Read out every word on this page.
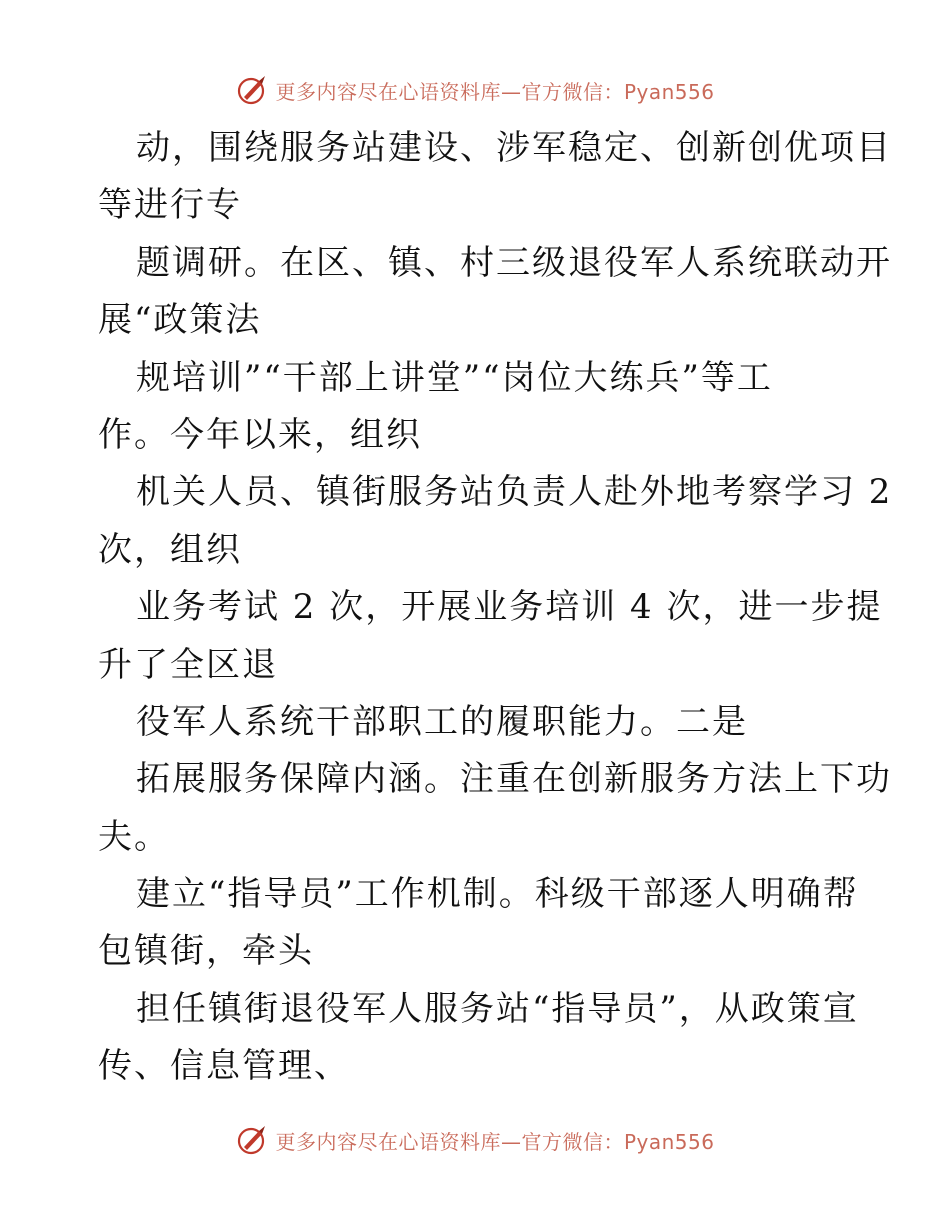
更多内容尽在心语资料库—官方微信：Pyan556
动，围绕服务站建设、涉军稳定、创新创优项目
等进行专
题调研。在区、镇、村三级退役军人系统联动开
展“政策法
规培训”“干部上讲堂”“岗位大练兵”等工
作。今年以来，组织
机关人员、镇街服务站负责人赴外地考察学习 2
次，组织
业务考试 2 次，开展业务培训 4 次，进一步提
升了全区退
役军人系统干部职工的履职能力。二是
拓展服务保障内涵。注重在创新服务方法上下功
夫。
建立“指导员”工作机制。科级干部逐人明确帮
包镇街，牵头
担任镇街退役军人服务站“指导员”，从政策宣
传、信息管理、
更多内容尽在心语资料库—官方微信：Pyan556
